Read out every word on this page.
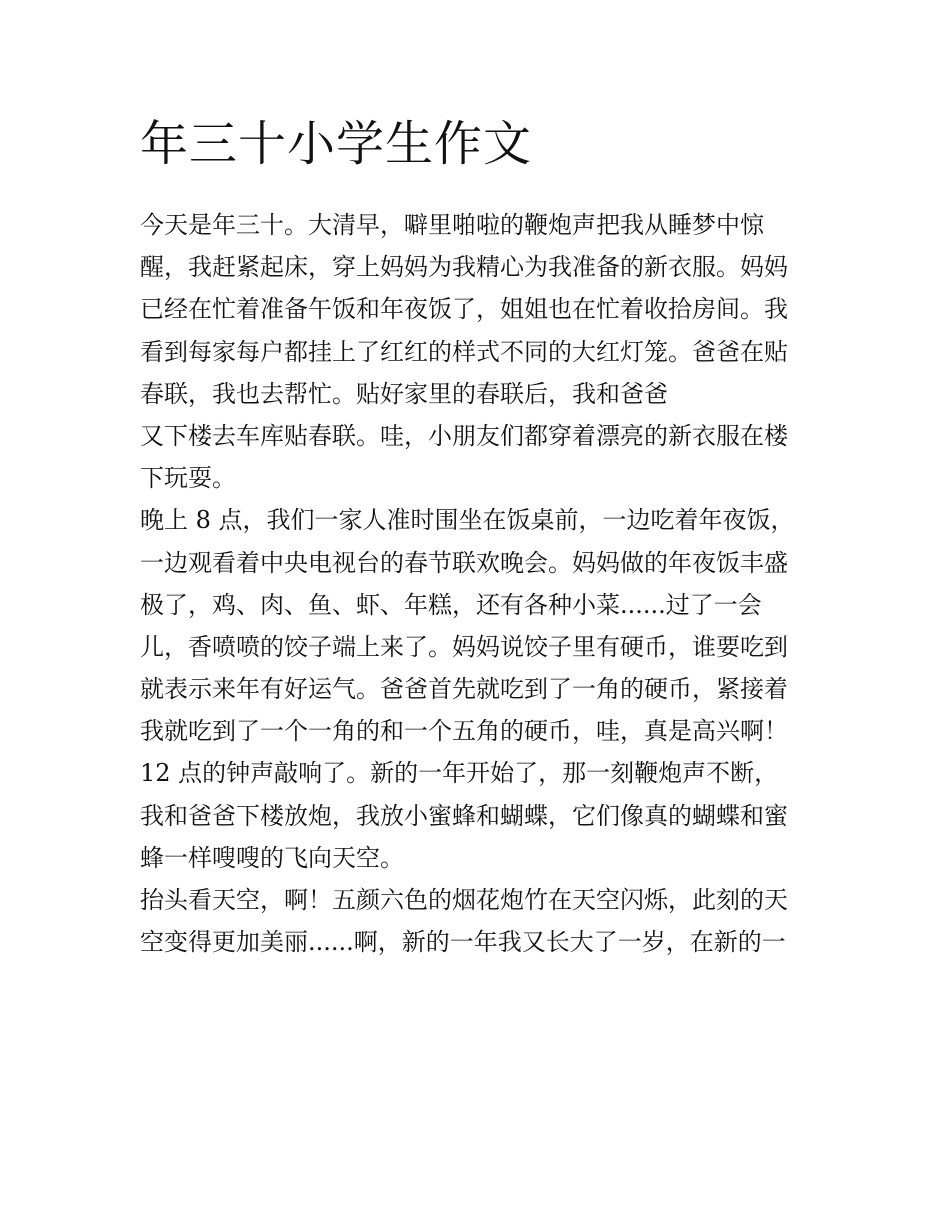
年三十小学生作文
今天是年三十。大清早，噼里啪啦的鞭炮声把我从睡梦中惊
醒，我赶紧起床，穿上妈妈为我精心为我准备的新衣服。妈妈
已经在忙着准备午饭和年夜饭了，姐姐也在忙着收拾房间。我
看到每家每户都挂上了红红的样式不同的大红灯笼。爸爸在贴
春联，我也去帮忙。贴好家里的春联后，我和爸爸
又下楼去车库贴春联。哇，小朋友们都穿着漂亮的新衣服在楼
下玩耍。
晚上 8 点，我们一家人准时围坐在饭桌前，一边吃着年夜饭，
一边观看着中央电视台的春节联欢晚会。妈妈做的年夜饭丰盛
极了，鸡、肉、鱼、虾、年糕，还有各种小菜......过了一会
儿，香喷喷的饺子端上来了。妈妈说饺子里有硬币，谁要吃到
就表示来年有好运气。爸爸首先就吃到了一角的硬币，紧接着
我就吃到了一个一角的和一个五角的硬币，哇，真是高兴啊！
12 点的钟声敲响了。新的一年开始了，那一刻鞭炮声不断，
我和爸爸下楼放炮，我放小蜜蜂和蝴蝶，它们像真的蝴蝶和蜜
蜂一样嗖嗖的飞向天空。
抬头看天空，啊！五颜六色的烟花炮竹在天空闪烁，此刻的天
空变得更加美丽......啊，新的一年我又长大了一岁，在新的一
